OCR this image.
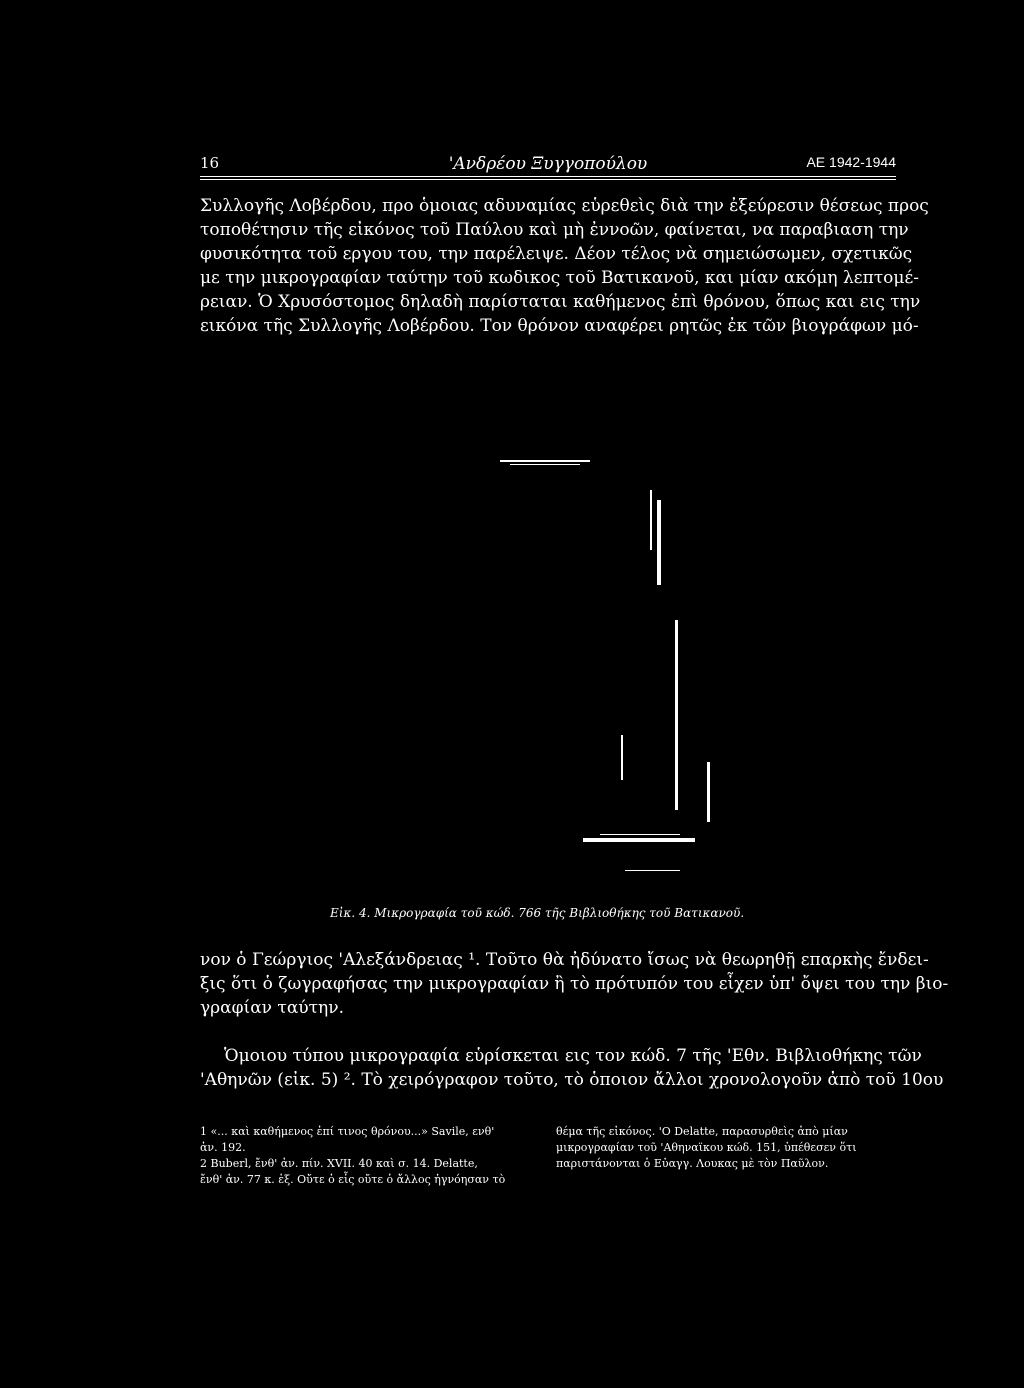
16	'Ανδρέου Ξυγγοπούλου	ΑΕ 1942-1944
Συλλογῆς Λοβέρδου, προ ὁμοιας αδυναμίας εὑρεθεὶς διὰ την ἐξεύρεσιν θέσεως προς
τοποθέτησιν τῆς εἰκόνος τοῦ Παύλου καὶ μὴ ἐννοῶν, φαίνεται, να παραβιαση την
φυσικότητα τοῦ εργου του, την παρέλειψε. Δέον τέλος νὰ σημειώσωμεν, σχετικῶς
με την μικρογραφίαν ταύτην τοῦ κωδικος τοῦ Βατικανοῦ, και μίαν ακόμη λεπτομέ-
ρειαν. Ὁ Χρυσόστομος δηλαδὴ παρίσταται καθήμενος ἐπὶ θρόνου, ὅπως και εις την
εικόνα τῆς Συλλογῆς Λοβέρδου. Τον θρόνον αναφέρει ρητῶς ἐκ τῶν βιογράφων μό-
Εἰκ. 4. Μικρογραφία τοῦ κώδ. 766 τῆς Βιβλιοθήκης τοῦ Βατικανοῦ.
νον ὁ Γεώργιος 'Αλεξάνδρειας ¹. Τοῦτο θὰ ἠδύνατο ἴσως νὰ θεωρηθῇ επαρκὴς ἔνδει-
ξις ὅτι ὁ ζωγραφήσας την μικρογραφίαν ἢ τὸ πρότυπόν του εἶχεν ὑπ' ὄψει του την βιο-
γραφίαν ταύτην.
Ὁμοιου τύπου μικρογραφία εὑρίσκεται εις τον κώδ. 7 τῆς 'Εθν. Βιβλιοθήκης τῶν
'Αθηνῶν (εἰκ. 5) ². Τὸ χειρόγραφον τοῦτο, τὸ ὁποιον ἄλλοι χρονολογοῦν ἀπὸ τοῦ 10ου
1 «... καὶ καθήμενος ἐπί τινος θρόνου...» Savile, ενθ'
ἀν. 192.
2 Buberl, ἔνθ' ἀν. πίν. XVII. 40 καὶ σ. 14. Delatte,
ἔνθ' ἀν. 77 κ. ἑξ. Οὔτε ὁ εἷς οὔτε ὁ ἄλλος ἠγνόησαν τὸ
θέμα τῆς εἰκόνος. 'Ο Delatte, παρασυρθεὶς ἀπὸ μίαν
μικρογραφίαν τοῦ 'Αθηναϊκου κώδ. 151, ὑπέθεσεν ὅτι
παριστάνονται ὁ Εὐαγγ. Λουκας μὲ τὸν Παῦλον.
